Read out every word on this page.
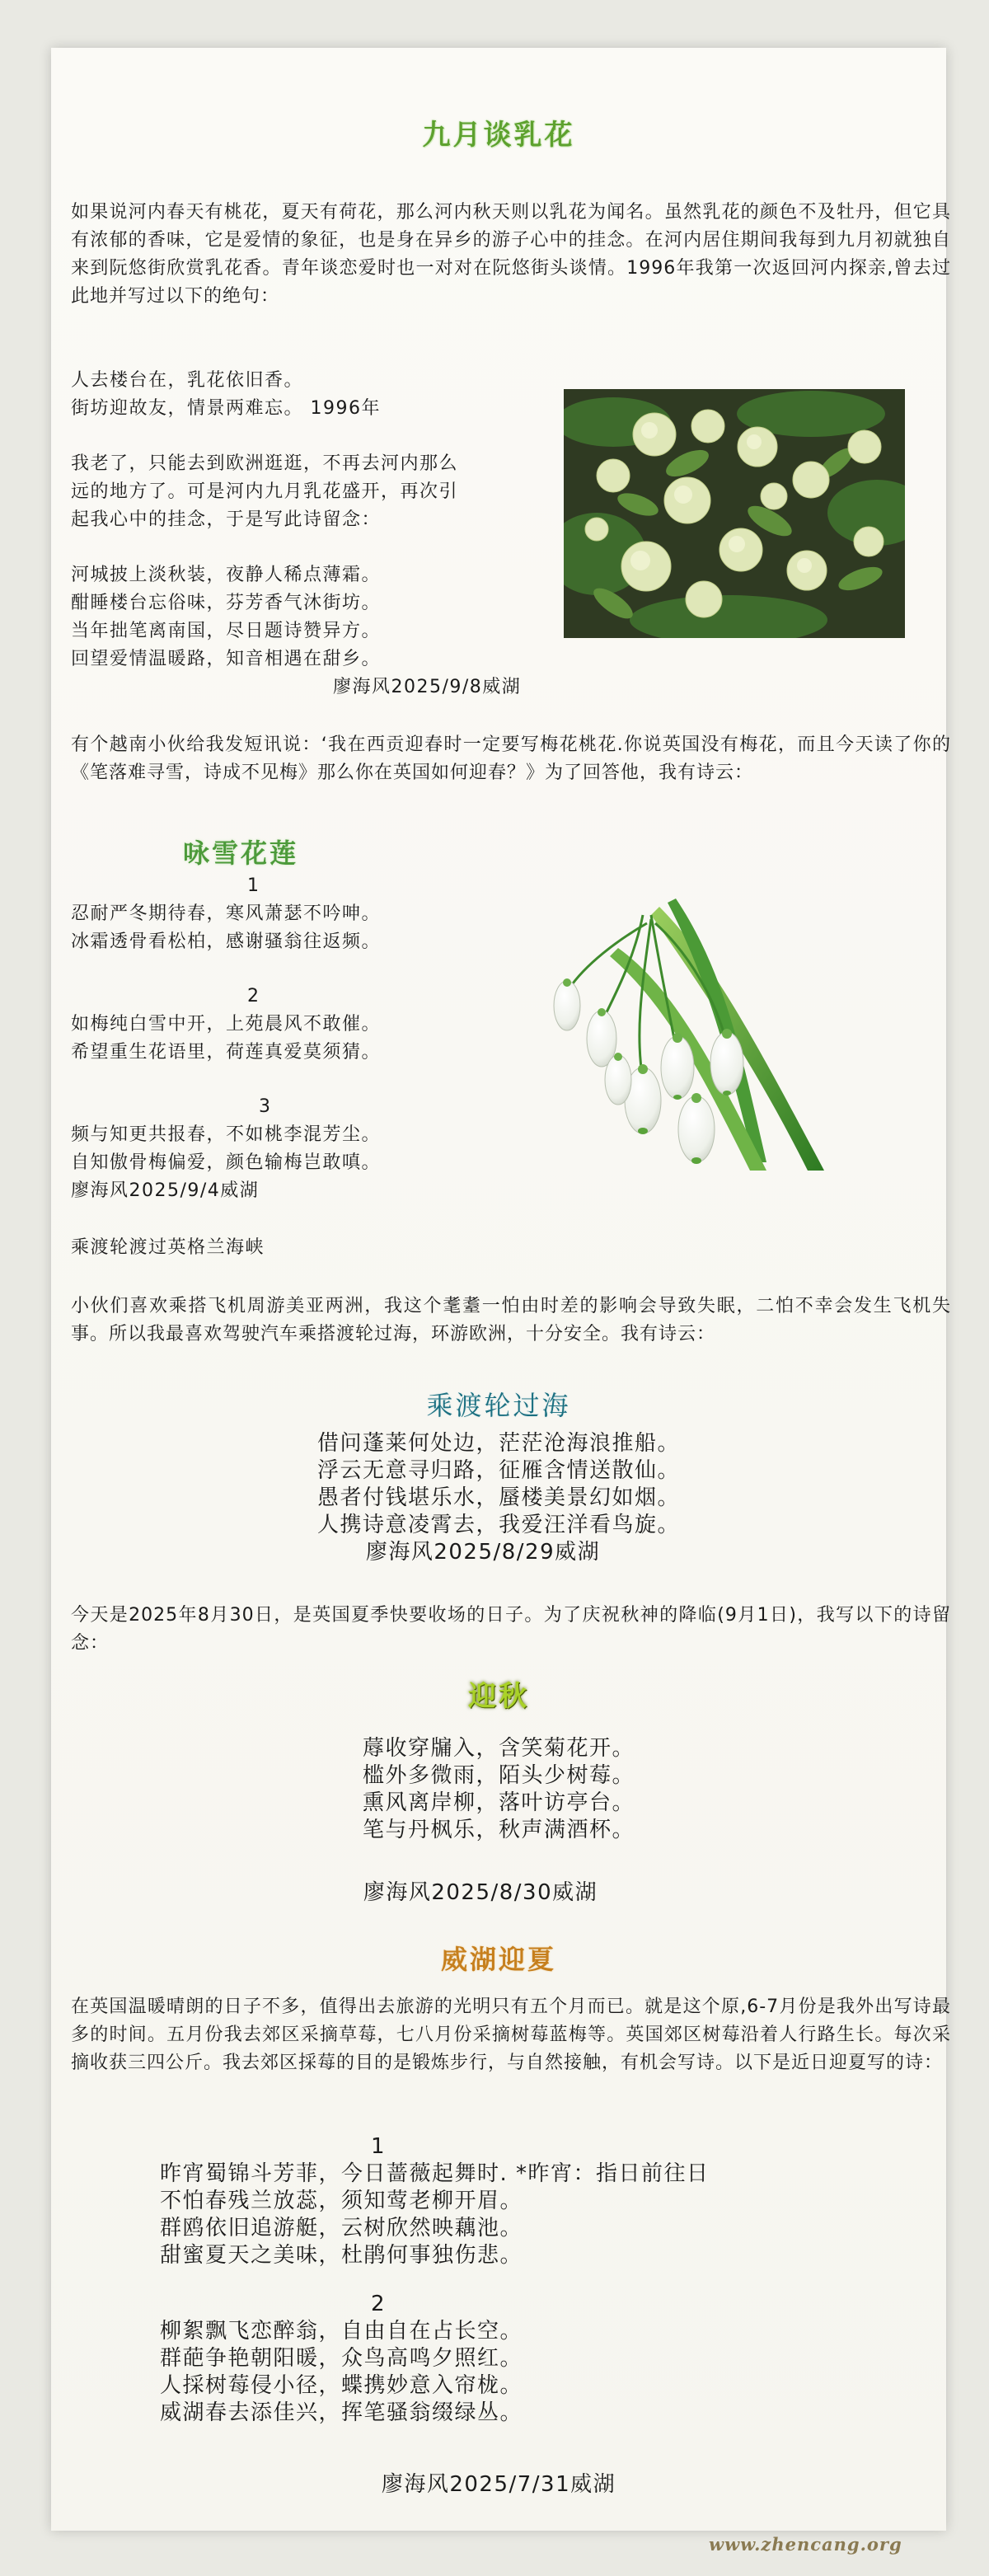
九月谈乳花
如果说河内春天有桃花，夏天有荷花，那么河内秋天则以乳花为闻名。虽然乳花的颜色不及牡丹，但它具有浓郁的香味，它是爱情的象征，也是身在异乡的游子心中的挂念。在河内居住期间我每到九月初就独自来到阮悠街欣赏乳花香。青年谈恋爱时也一对对在阮悠街头谈情。1996年我第一次返回河内探亲,曾去过此地并写过以下的绝句：
人去楼台在，乳花依旧香。
街坊迎故友，情景两难忘。 1996年
我老了，只能去到欧洲逛逛，不再去河内那么
远的地方了。可是河内九月乳花盛开，再次引
起我心中的挂念，于是写此诗留念：
河城披上淡秋装，夜静人稀点薄霜。
酣睡楼台忘俗味，芬芳香气沐街坊。
当年拙笔离南国，尽日题诗赞异方。
回望爱情温暖路，知音相遇在甜乡。
廖海风2025/9/8威湖
有个越南小伙给我发短讯说：‘我在西贡迎春时一定要写梅花桃花.你说英国没有梅花，而且今天读了你的《笔落难寻雪，诗成不见梅》那么你在英国如何迎春？》为了回答他，我有诗云：
咏雪花莲
1
忍耐严冬期待春，寒风萧瑟不吟呻。
冰霜透骨看松柏，感谢骚翁往返频。
2
如梅纯白雪中开，上苑晨风不敢催。
希望重生花语里，荷莲真爱莫须猜。
3
频与知更共报春，不如桃李混芳尘。
自知傲骨梅偏爱，颜色输梅岂敢嗔。
廖海风2025/9/4威湖
乘渡轮渡过英格兰海峡
小伙们喜欢乘搭飞机周游美亚两洲，我这个耄耋一怕由时差的影响会导致失眠，二怕不幸会发生飞机失事。所以我最喜欢驾驶汽车乘搭渡轮过海，环游欧洲，十分安全。我有诗云：
乘渡轮过海
借问蓬莱何处边，茫茫沧海浪推船。
浮云无意寻归路，征雁含情送散仙。
愚者付钱堪乐水，蜃楼美景幻如烟。
人携诗意凌霄去，我爱汪洋看鸟旋。
廖海风2025/8/29威湖
今天是2025年8月30日，是英国夏季快要收场的日子。为了庆祝秋神的降临(9月1日)，我写以下的诗留念：
迎秋
蓐收穿牖入，含笑菊花开。
槛外多微雨，陌头少树莓。
熏风离岸柳，落叶访亭台。
笔与丹枫乐，秋声满酒杯。
廖海风2025/8/30威湖
威湖迎夏
在英国温暖晴朗的日子不多，值得出去旅游的光明只有五个月而已。就是这个原,6-7月份是我外出写诗最多的时间。五月份我去郊区采摘草莓，七八月份采摘树莓蓝梅等。英国郊区树莓沿着人行路生长。每次采摘收获三四公斤。我去郊区採莓的目的是锻炼步行，与自然接触，有机会写诗。以下是近日迎夏写的诗：
1
昨宵蜀锦斗芳菲，今日蔷薇起舞时. *昨宵：指日前往日
不怕春残兰放蕊，须知莺老柳开眉。
群鸥依旧追游艇，云树欣然映藕池。
甜蜜夏天之美味，杜鹃何事独伤悲。
2
柳絮飘飞恋醉翁，自由自在占长空。
群葩争艳朝阳暖，众鸟高鸣夕照红。
人採树莓侵小径，蝶携妙意入帘栊。
威湖春去添佳兴，挥笔骚翁缀绿丛。
廖海风2025/7/31威湖
www.zhencang.org
